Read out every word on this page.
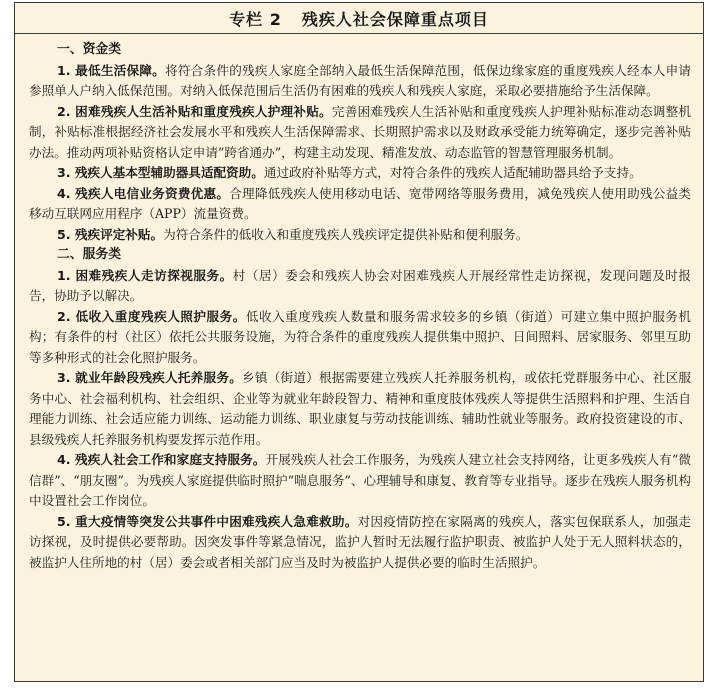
专栏 2 残疾人社会保障重点项目
一、资金类
1. 最低生活保障。将符合条件的残疾人家庭全部纳入最低生活保障范围，低保边缘家庭的重度残疾人经本人申请参照单人户纳入低保范围。对纳入低保范围后生活仍有困难的残疾人和残疾人家庭，采取必要措施给予生活保障。
2. 困难残疾人生活补贴和重度残疾人护理补贴。完善困难残疾人生活补贴和重度残疾人护理补贴标准动态调整机制，补贴标准根据经济社会发展水平和残疾人生活保障需求、长期照护需求以及财政承受能力统筹确定，逐步完善补贴办法。推动两项补贴资格认定申请“跨省通办”，构建主动发现、精准发放、动态监管的智慧管理服务机制。
3. 残疾人基本型辅助器具适配资助。通过政府补贴等方式，对符合条件的残疾人适配辅助器具给予支持。
4. 残疾人电信业务资费优惠。合理降低残疾人使用移动电话、宽带网络等服务费用，减免残疾人使用助残公益类移动互联网应用程序（APP）流量资费。
5. 残疾评定补贴。为符合条件的低收入和重度残疾人残疾评定提供补贴和便利服务。
二、服务类
1. 困难残疾人走访探视服务。村（居）委会和残疾人协会对困难残疾人开展经常性走访探视，发现问题及时报告，协助予以解决。
2. 低收入重度残疾人照护服务。低收入重度残疾人数量和服务需求较多的乡镇（街道）可建立集中照护服务机构；有条件的村（社区）依托公共服务设施，为符合条件的重度残疾人提供集中照护、日间照料、居家服务、邻里互助等多种形式的社会化照护服务。
3. 就业年龄段残疾人托养服务。乡镇（街道）根据需要建立残疾人托养服务机构，或依托党群服务中心、社区服务中心、社会福利机构、社会组织、企业等为就业年龄段智力、精神和重度肢体残疾人等提供生活照料和护理、生活自理能力训练、社会适应能力训练、运动能力训练、职业康复与劳动技能训练、辅助性就业等服务。政府投资建设的市、县级残疾人托养服务机构要发挥示范作用。
4. 残疾人社会工作和家庭支持服务。开展残疾人社会工作服务，为残疾人建立社会支持网络，让更多残疾人有“微信群”、“朋友圈”。为残疾人家庭提供临时照护“喘息服务”、心理辅导和康复、教育等专业指导。逐步在残疾人服务机构中设置社会工作岗位。
5. 重大疫情等突发公共事件中困难残疾人急难救助。对因疫情防控在家隔离的残疾人，落实包保联系人，加强走访探视，及时提供必要帮助。因突发事件等紧急情况，监护人暂时无法履行监护职责、被监护人处于无人照料状态的，被监护人住所地的村（居）委会或者相关部门应当及时为被监护人提供必要的临时生活照护。
